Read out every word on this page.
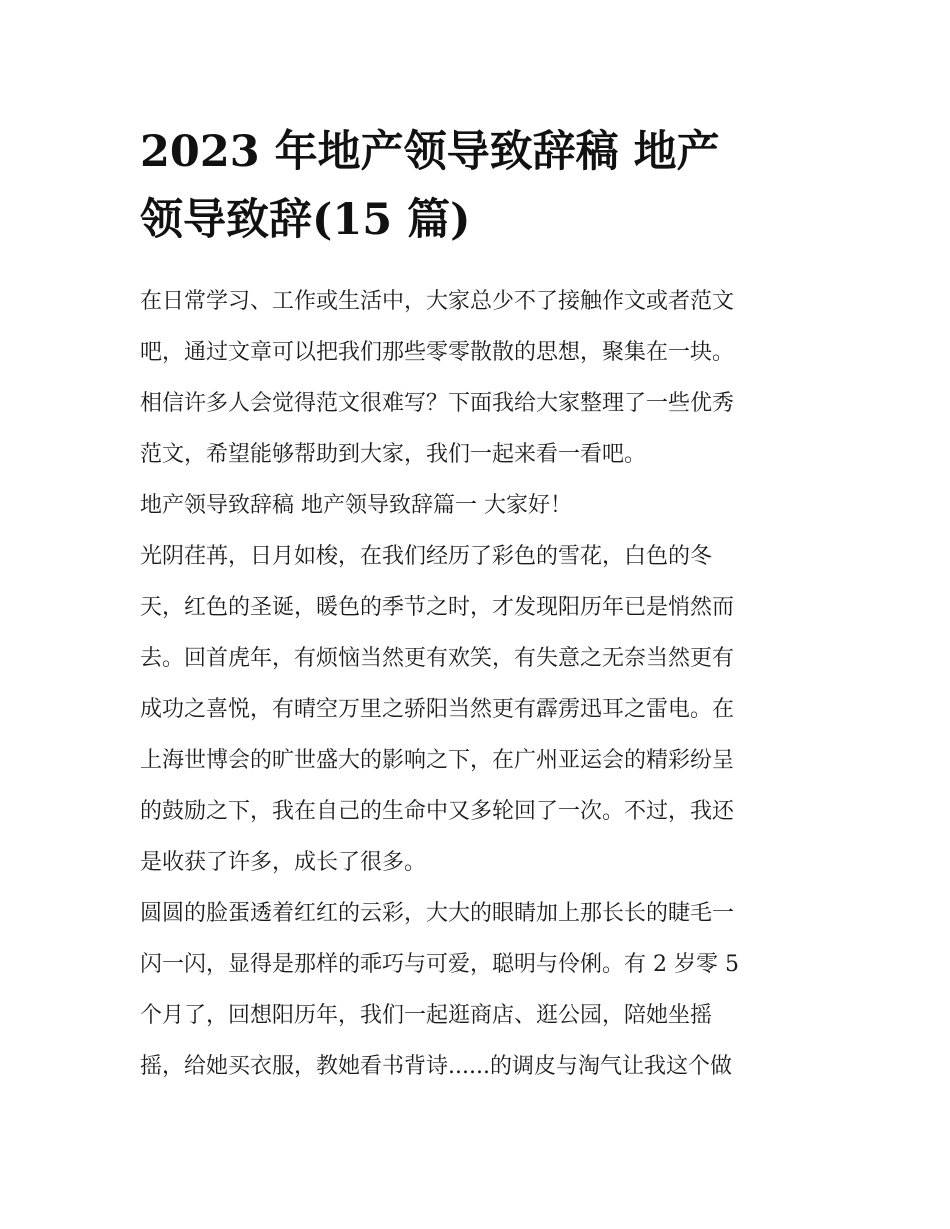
2023 年地产领导致辞稿 地产
领导致辞(15 篇)

在日常学习、工作或生活中，大家总少不了接触作文或者范文
吧，通过文章可以把我们那些零零散散的思想，聚集在一块。
相信许多人会觉得范文很难写？下面我给大家整理了一些优秀
范文，希望能够帮助到大家，我们一起来看一看吧。

地产领导致辞稿 地产领导致辞篇一 大家好！

光阴荏苒，日月如梭，在我们经历了彩色的雪花，白色的冬
天，红色的圣诞，暖色的季节之时，才发现阳历年已是悄然而
去。回首虎年，有烦恼当然更有欢笑，有失意之无奈当然更有
成功之喜悦，有晴空万里之骄阳当然更有霹雳迅耳之雷电。在
上海世博会的旷世盛大的影响之下，在广州亚运会的精彩纷呈
的鼓励之下，我在自己的生命中又多轮回了一次。不过，我还
是收获了许多，成长了很多。

圆圆的脸蛋透着红红的云彩，大大的眼睛加上那长长的睫毛一
闪一闪，显得是那样的乖巧与可爱，聪明与伶俐。有 2 岁零 5
个月了，回想阳历年，我们一起逛商店、逛公园，陪她坐摇
摇，给她买衣服，教她看书背诗......的调皮与淘气让我这个做
